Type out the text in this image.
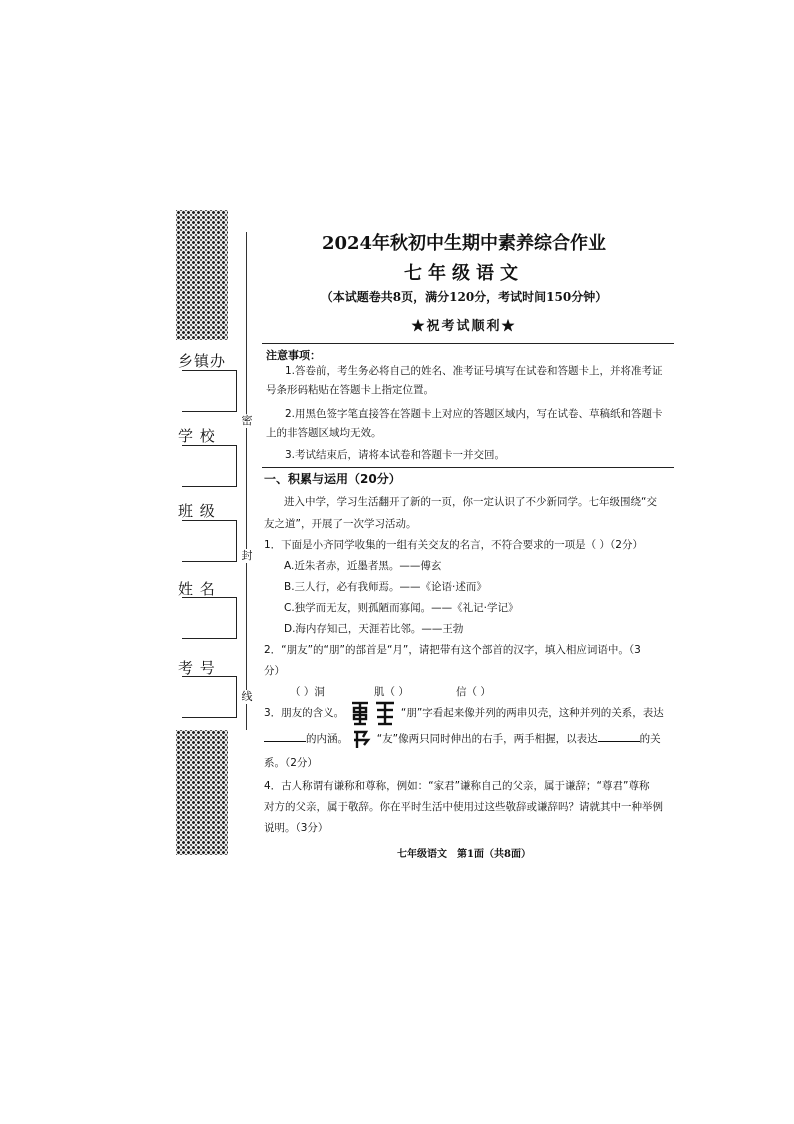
乡镇办
学 校
班 级
姓 名
考 号
密
封
线
2024年秋初中生期中素养综合作业
七年级语文
（本试题卷共8页，满分120分，考试时间150分钟）
★祝考试顺利★
注意事项：
1.答卷前，考生务必将自己的姓名、准考证号填写在试卷和答题卡上，并将准考证
号条形码粘贴在答题卡上指定位置。
2.用黑色签字笔直接答在答题卡上对应的答题区域内，写在试卷、草稿纸和答题卡
上的非答题区域均无效。
3.考试结束后，请将本试卷和答题卡一并交回。
一、积累与运用（20分）
进入中学，学习生活翻开了新的一页，你一定认识了不少新同学。七年级围绕“交
友之道”，开展了一次学习活动。
1．下面是小齐同学收集的一组有关交友的名言，不符合要求的一项是（ ）（2分）
A.近朱者赤，近墨者黑。——傅玄
B.三人行，必有我师焉。——《论语·述而》
C.独学而无友，则孤陋而寡闻。——《礼记·学记》
D.海内存知己，天涯若比邻。——王勃
2．“朋友”的“朋”的部首是“月”，请把带有这个部首的汉字，填入相应词语中。（3
分）
（ ）洞	肌（ ）	信（ ）
3．朋友的含义。	“朋”字看起来像并列的两串贝壳，这种并列的关系，表达
的内涵。	“友”像两只同时伸出的右手，两手相握，以表达	的关
系。（2分）
4．古人称谓有谦称和尊称，例如：“家君”谦称自己的父亲，属于谦辞；“尊君”尊称
对方的父亲，属于敬辞。你在平时生活中使用过这些敬辞或谦辞吗？请就其中一种举例
说明。（3分）
七年级语文　第1面（共8面）
